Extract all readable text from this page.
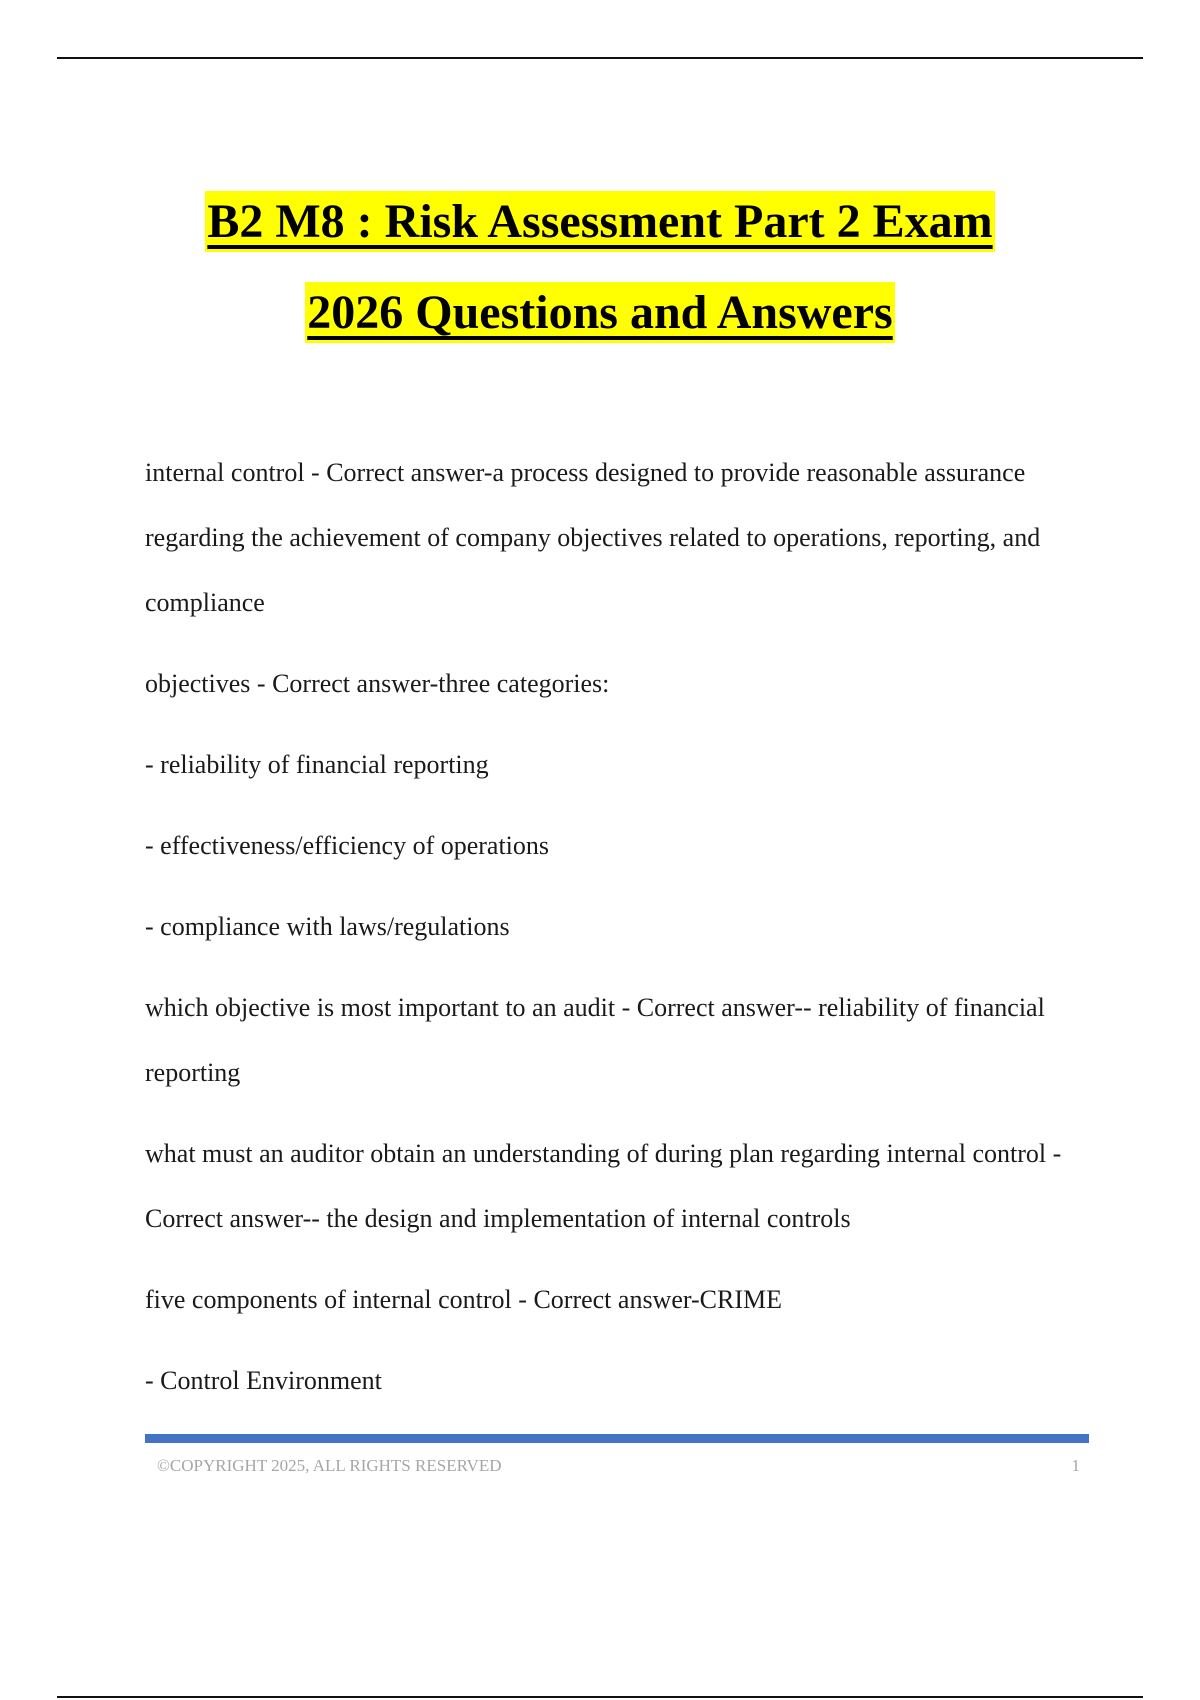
B2 M8 : Risk Assessment Part 2 Exam
2026 Questions and Answers

internal control - Correct answer-a process designed to provide reasonable assurance regarding the achievement of company objectives related to operations, reporting, and compliance

objectives - Correct answer-three categories:

- reliability of financial reporting

- effectiveness/efficiency of operations

- compliance with laws/regulations

which objective is most important to an audit - Correct answer-- reliability of financial reporting

what must an auditor obtain an understanding of during plan regarding internal control - Correct answer-- the design and implementation of internal controls

five components of internal control - Correct answer-CRIME

- Control Environment

©COPYRIGHT 2025, ALL RIGHTS RESERVED	1
